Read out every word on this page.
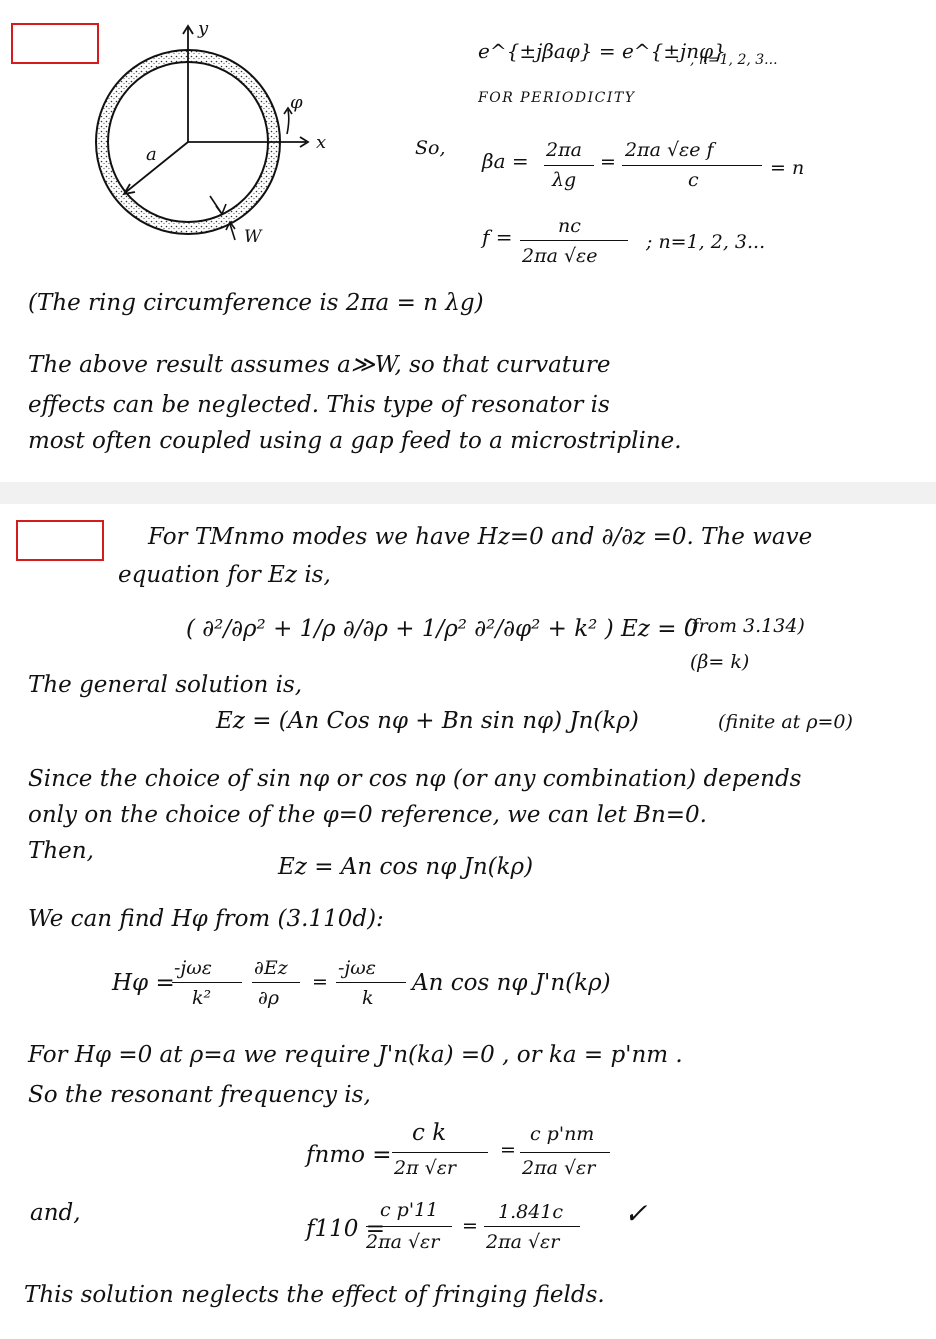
y
x
φ
a
W
e^{±jβaφ} = e^{±jnφ}
, n=1, 2, 3...
FOR PERIODICITY
So,
βa = 2πa
λg
=
2πa √εe f
c
= n
f = nc
2πa √εe
; n=1, 2, 3...
(The ring circumference is 2πa = n λg)
The above result assumes a≫W, so that curvature
effects can be neglected. This type of resonator is
most often coupled using a gap feed to a microstripline.
For TMnmo modes we have Hz=0 and ∂/∂z =0. The wave
equation for Ez is,
( ∂²/∂ρ² + 1/ρ ∂/∂ρ + 1/ρ² ∂²/∂φ² + k² ) Ez = 0
(from 3.134)
(β= k)
The general solution is,
Ez = (An Cos nφ + Bn sin nφ) Jn(kρ)	(finite at ρ=0)
Since the choice of sin nφ or cos nφ (or any combination) depends
only on the choice of the φ=0 reference, we can let Bn=0.
Then,
Ez = An cos nφ Jn(kρ)
We can find Hφ from (3.110d):
Hφ =
-jωε
k²
∂Ez
∂ρ
=
-jωε
k
An cos nφ J'n(kρ)
For Hφ =0 at ρ=a we require J'n(ka) =0 , or ka = p'nm .
So the resonant frequency is,
fnmo =
c k
2π √εr
=
c p'nm
2πa √εr
and,
f110 =
c p'11
2πa √εr
=
1.841c
2πa √εr
✓
This solution neglects the effect of fringing fields.
